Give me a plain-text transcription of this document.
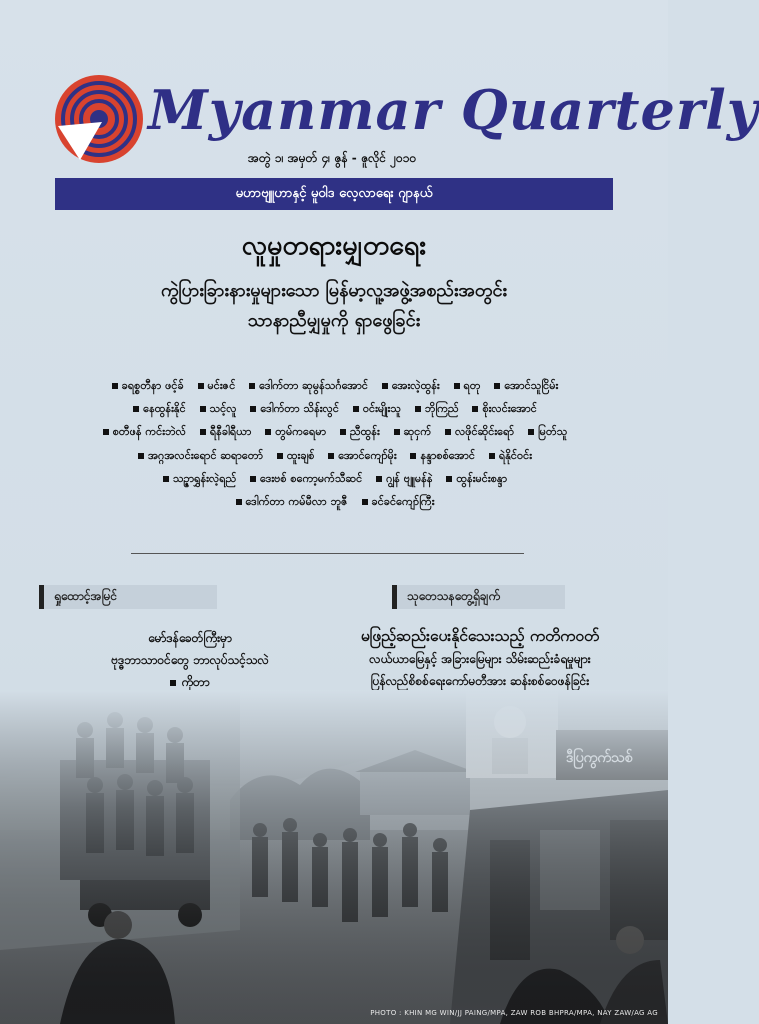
Myanmar Quarterly
အတွဲ ၁၊ အမှတ် ၄၊ ဇွန် - ဇူလိုင် ၂၀၁၀
မဟာဗျူဟာနှင့် မူဝါဒ လေ့လာရေး ဂျာနယ်
လူမှုတရားမျှတရေး
ကွဲပြားခြားနားမှုများသော မြန်မာ့လူ့အဖွဲ့အစည်းအတွင်း
သာနာညီမျှမှုကို ရှာဖွေခြင်း
ခရစ္စတီနာ ဖင့်ခ် မင်းဇင် ဒေါက်တာ ဆုမွန်သင်္ဂအောင် အေးလဲ့ထွန်း ရတု အောင်သူငြိမ်း နေထွန်းနိုင် သင့်လူ ဒေါက်တာ သိန်းလွင် ဝင်းမျိုးသူ ဘိုကြည် စိုးလင်းအောင် စတီဖန် ကင်းဘဲလ် ရီနီခါရီယာ တွမ်ကရေမာ ညီထွန်း ဆုငှက် လဖိုင်ဆိုင်းရော် မြတ်သူ အဂ္ဂအလင်းရောင် ဆရာတော် ထူးချစ် အောင်ကျော်မိုး နန္ဒာစစ်အောင် ရဲနိုင်ဝင်း သဉ္ဇာရွှန်းလဲ့ရည် ဒေးဗစ် စကော့မက်သီဆင် ဂျွန် ဗျူမန်နဲ ထွန်းမင်းစန္ဒာ ဒေါက်တာ ကမ်မီလာ ဘူဇီ ခင်ခင်ကျော်ကြီး
ရှုထောင့်အမြင်	သုတေသနတွေ့ရှိချက်
မော်ဒန်ခေတ်ကြီးမှာ
ဗုဒ္ဓဘာသာဝင်တွေ ဘာလုပ်သင့်သလဲ
ကိုတာ
မဖြည့်ဆည်းပေးနိုင်သေးသည့် ကတိကဝတ်
လယ်ယာမြေနှင့် အခြားမြေများ သိမ်းဆည်းခံရမှုများ
ပြန်လည်စိစစ်ရေးကော်မတီအား ဆန်းစစ်ဝေဖန်ခြင်း
PHOTO : KHIN MG WIN/JJ PAING/MPA, ZAW ROB BHPRA/MPA, NAY ZAW/AG AG
